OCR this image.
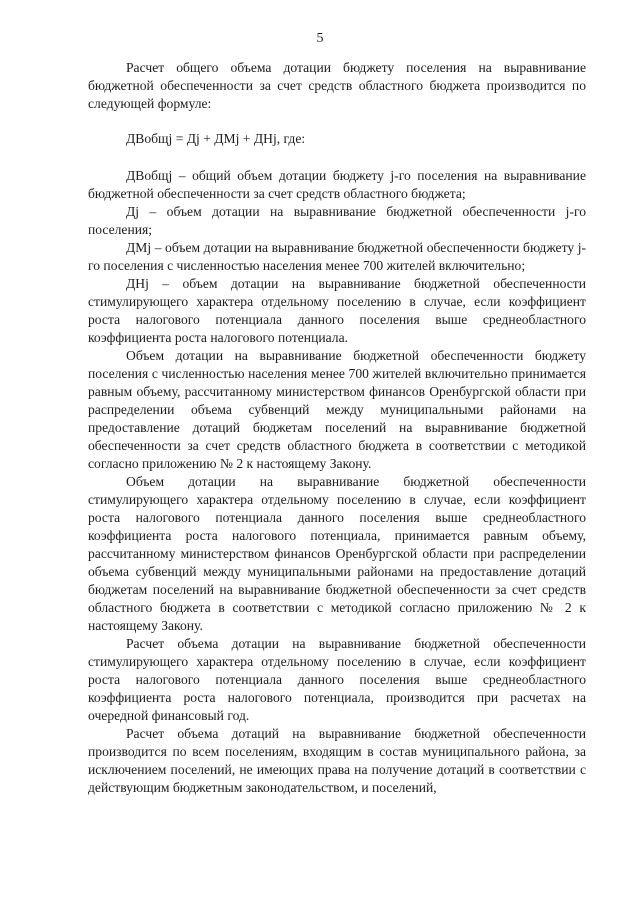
5

Расчет общего объема дотации бюджету поселения на выравнивание бюджетной обеспеченности за счет средств областного бюджета производится по следующей формуле:

ДВобщj = Дj + ДМj + ДНj, где:

ДВобщj – общий объем дотации бюджету j-го поселения на выравнивание бюджетной обеспеченности за счет средств областного бюджета;

Дj – объем дотации на выравнивание бюджетной обеспеченности j-го поселения;

ДМj – объем дотации на выравнивание бюджетной обеспеченности бюджету j-го поселения с численностью населения менее 700 жителей включительно;

ДНj – объем дотации на выравнивание бюджетной обеспеченности стимулирующего характера отдельному поселению в случае, если коэффициент роста налогового потенциала данного поселения выше среднеобластного коэффициента роста налогового потенциала.

Объем дотации на выравнивание бюджетной обеспеченности бюджету поселения с численностью населения менее 700 жителей включительно принимается равным объему, рассчитанному министерством финансов Оренбургской области при распределении объема субвенций между муниципальными районами на предоставление дотаций бюджетам поселений на выравнивание бюджетной обеспеченности за счет средств областного бюджета в соответствии с методикой согласно приложению № 2 к настоящему Закону.

Объем дотации на выравнивание бюджетной обеспеченности стимулирующего характера отдельному поселению в случае, если коэффициент роста налогового потенциала данного поселения выше среднеобластного коэффициента роста налогового потенциала, принимается равным объему, рассчитанному министерством финансов Оренбургской области при распределении объема субвенций между муниципальными районами на предоставление дотаций бюджетам поселений на выравнивание бюджетной обеспеченности за счет средств областного бюджета в соответствии с методикой согласно приложению № 2 к настоящему Закону.

Расчет объема дотации на выравнивание бюджетной обеспеченности стимулирующего характера отдельному поселению в случае, если коэффициент роста налогового потенциала данного поселения выше среднеобластного коэффициента роста налогового потенциала, производится при расчетах на очередной финансовый год.

Расчет объема дотаций на выравнивание бюджетной обеспеченности производится по всем поселениям, входящим в состав муниципального района, за исключением поселений, не имеющих права на получение дотаций в соответствии с действующим бюджетным законодательством, и поселений,
